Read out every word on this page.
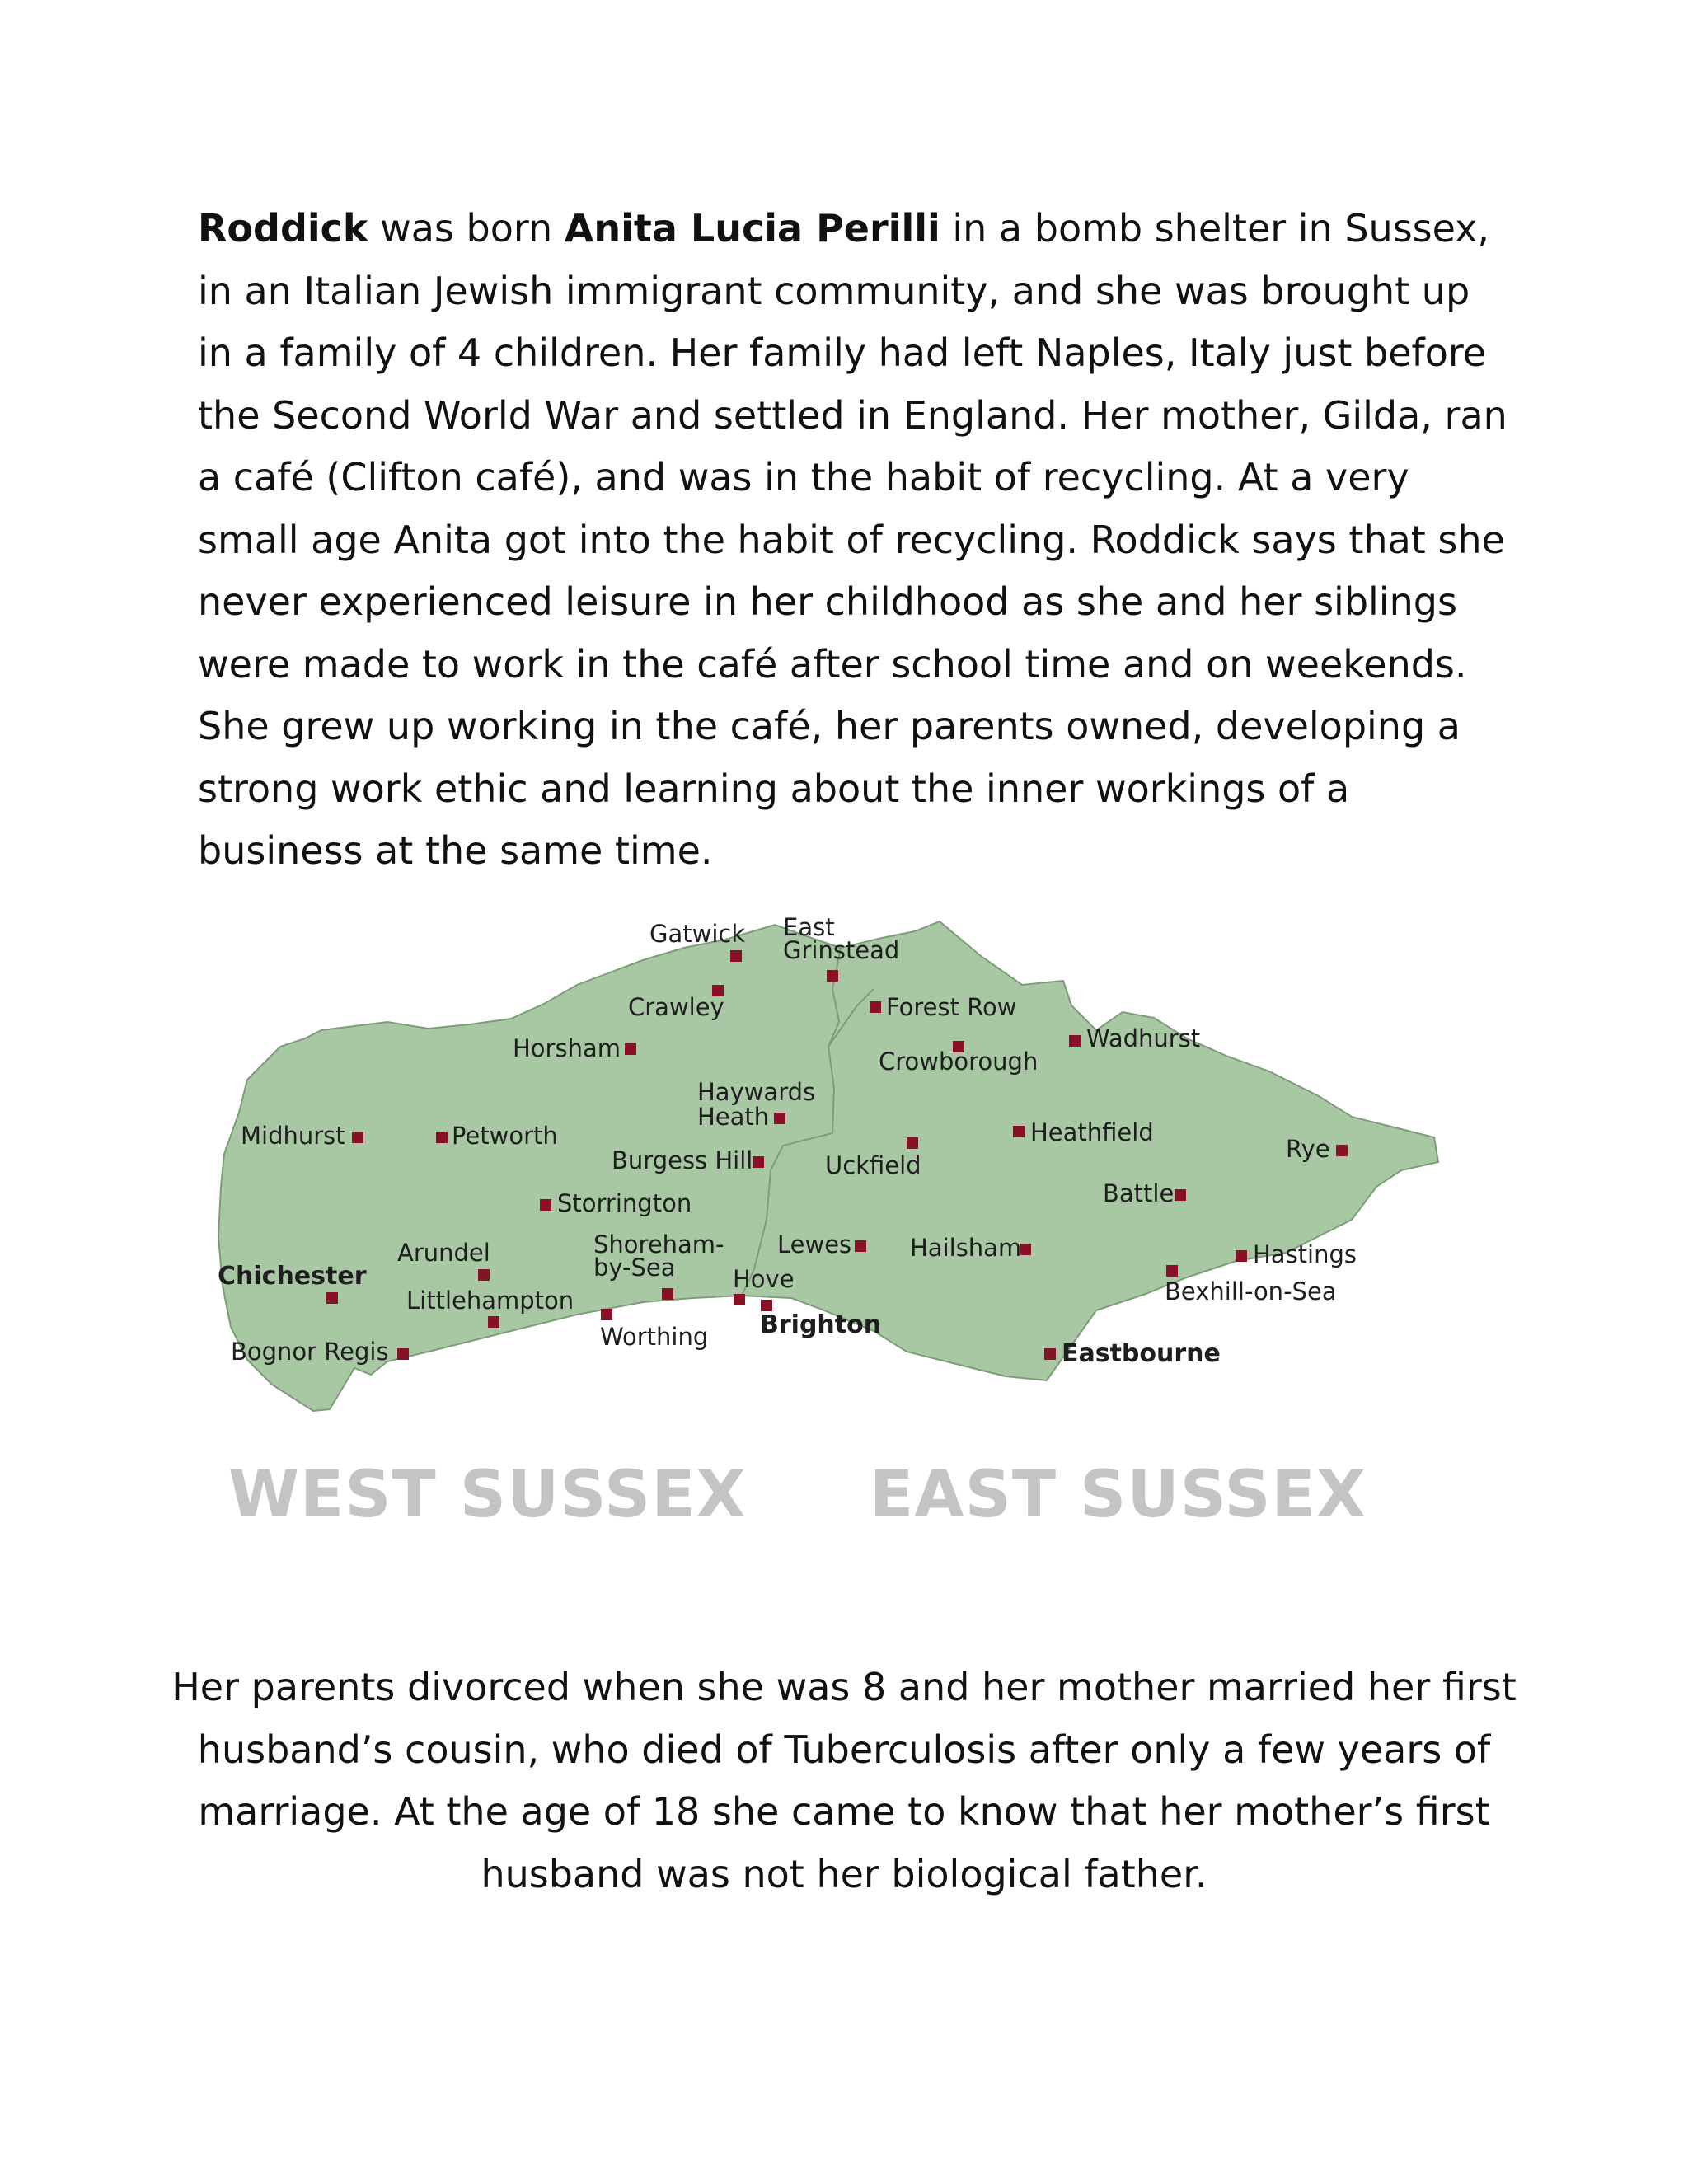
Roddick was born Anita Lucia Perilli in a bomb shelter in Sussex, in an Italian Jewish immigrant community, and she was brought up in a family of 4 children. Her family had left Naples, Italy just before the Second World War and settled in England. Her mother, Gilda, ran a café (Clifton café), and was in the habit of recycling. At a very small age Anita got into the habit of recycling. Roddick says that she never experienced leisure in her childhood as she and her siblings were made to work in the café after school time and on weekends. She grew up working in the café, her parents owned, developing a strong work ethic and learning about the inner workings of a business at the same time.

Gatwick East
Grinstead
Crawley	Forest Row
Horsham	Crowborough
Wadhurst
Haywards
Heath
Midhurst	Petworth	Heathfield
Rye
Burgess Hill	Uckfield
Storrington	Battle
Arundel	Shoreham-
by-Sea
Lewes Hailsham	Hastings
Chichester	Hove	Bexhill-on-Sea
Littlehampton
Brighton
Worthing
Bognor Regis	Eastbourne
WEST SUSSEX EAST SUSSEX

Her parents divorced when she was 8 and her mother married her first husband’s cousin, who died of Tuberculosis after only a few years of marriage. At the age of 18 she came to know that her mother’s first husband was not her biological father.
